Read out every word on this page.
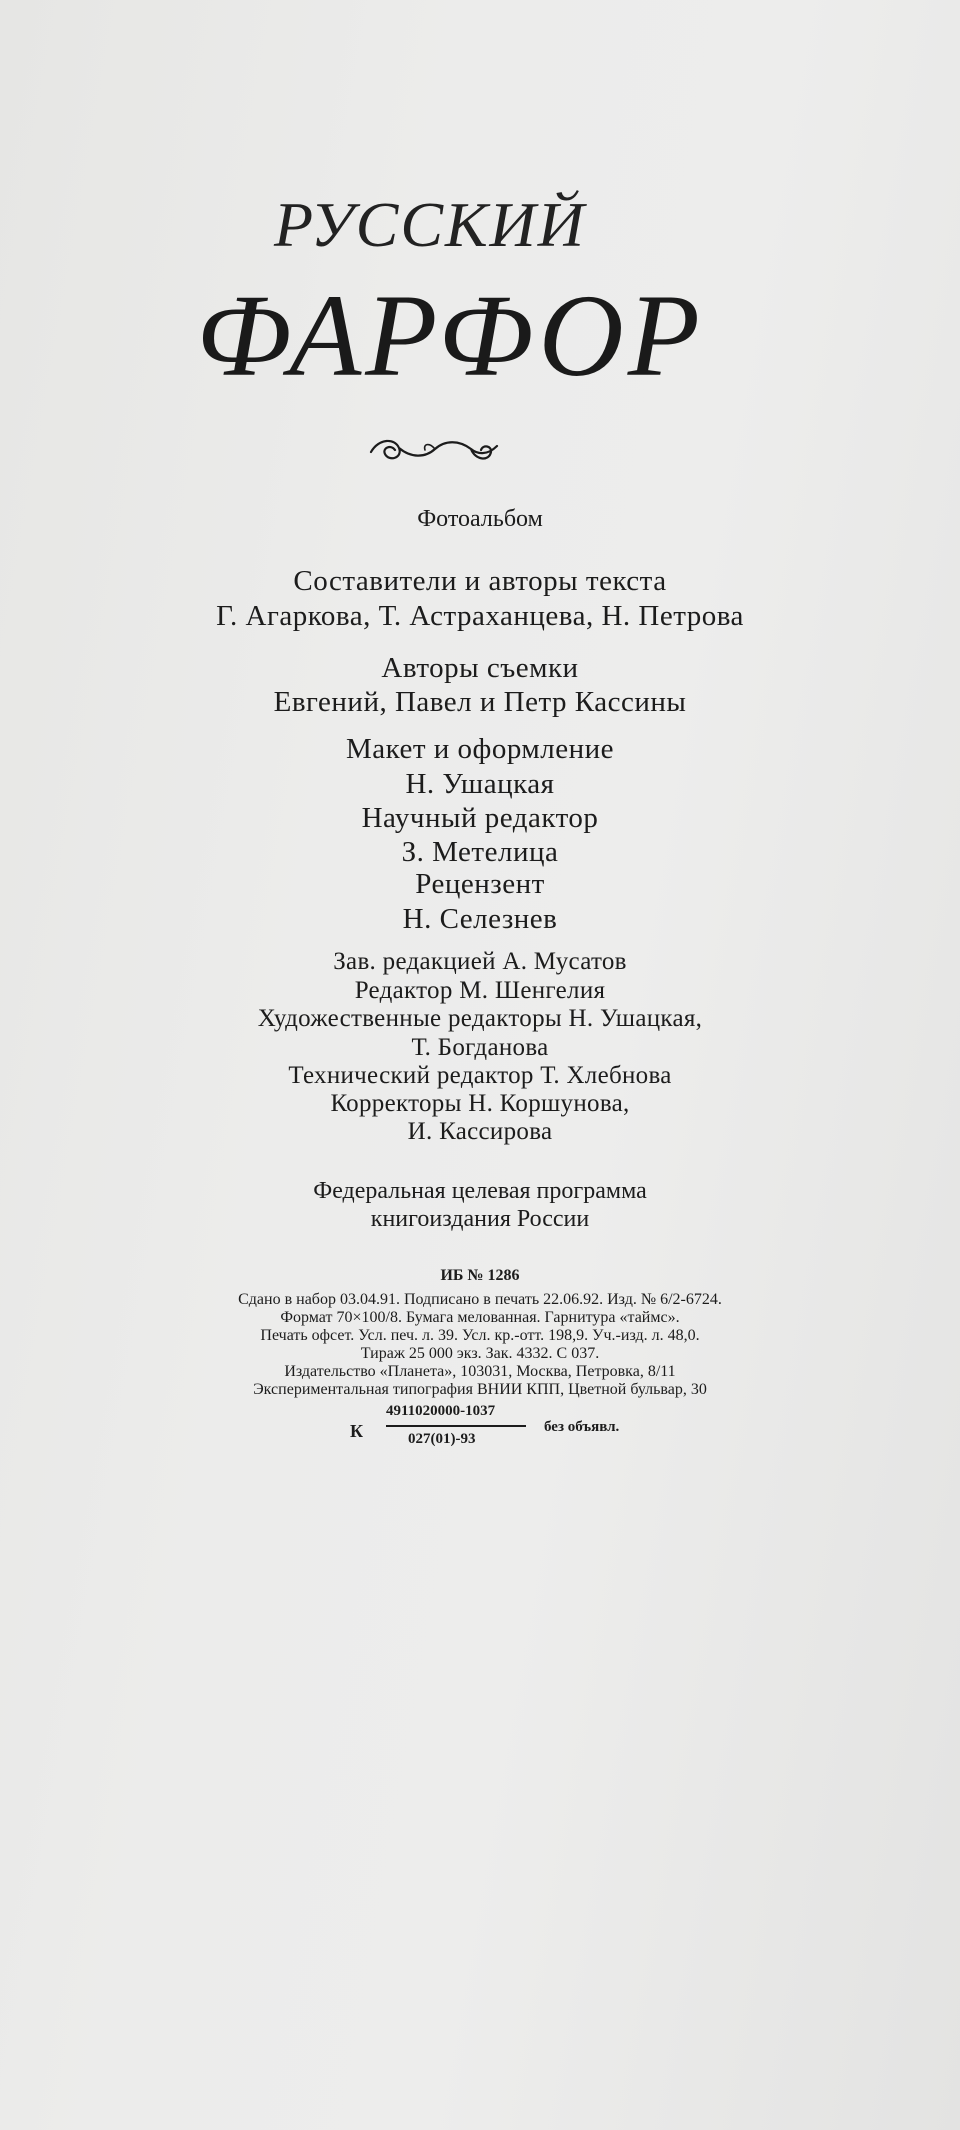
РУССКИЙ
ФАРФОР
Фотоальбом
Составители и авторы текста
Г. Агаркова, Т. Астраханцева, Н. Петрова
Авторы съемки
Евгений, Павел и Петр Кассины
Макет и оформление
Н. Ушацкая
Научный редактор
З. Метелица
Рецензент
Н. Селезнев
Зав. редакцией А. Мусатов
Редактор М. Шенгелия
Художественные редакторы Н. Ушацкая,
Т. Богданова
Технический редактор Т. Хлебнова
Корректоры Н. Коршунова,
И. Кассирова
Федеральная целевая программа
книгоиздания России
ИБ № 1286
Сдано в набор 03.04.91. Подписано в печать 22.06.92. Изд. № 6/2-6724.
Формат 70×100/8. Бумага мелованная. Гарнитура «таймс».
Печать офсет. Усл. печ. л. 39. Усл. кр.-отт. 198,9. Уч.-изд. л. 48,0.
Тираж 25 000 экз. Зак. 4332. С 037.
Издательство «Планета», 103031, Москва, Петровка, 8/11
Экспериментальная типография ВНИИ КПП, Цветной бульвар, 30
К
4911020000-1037
027(01)-93
без объявл.
